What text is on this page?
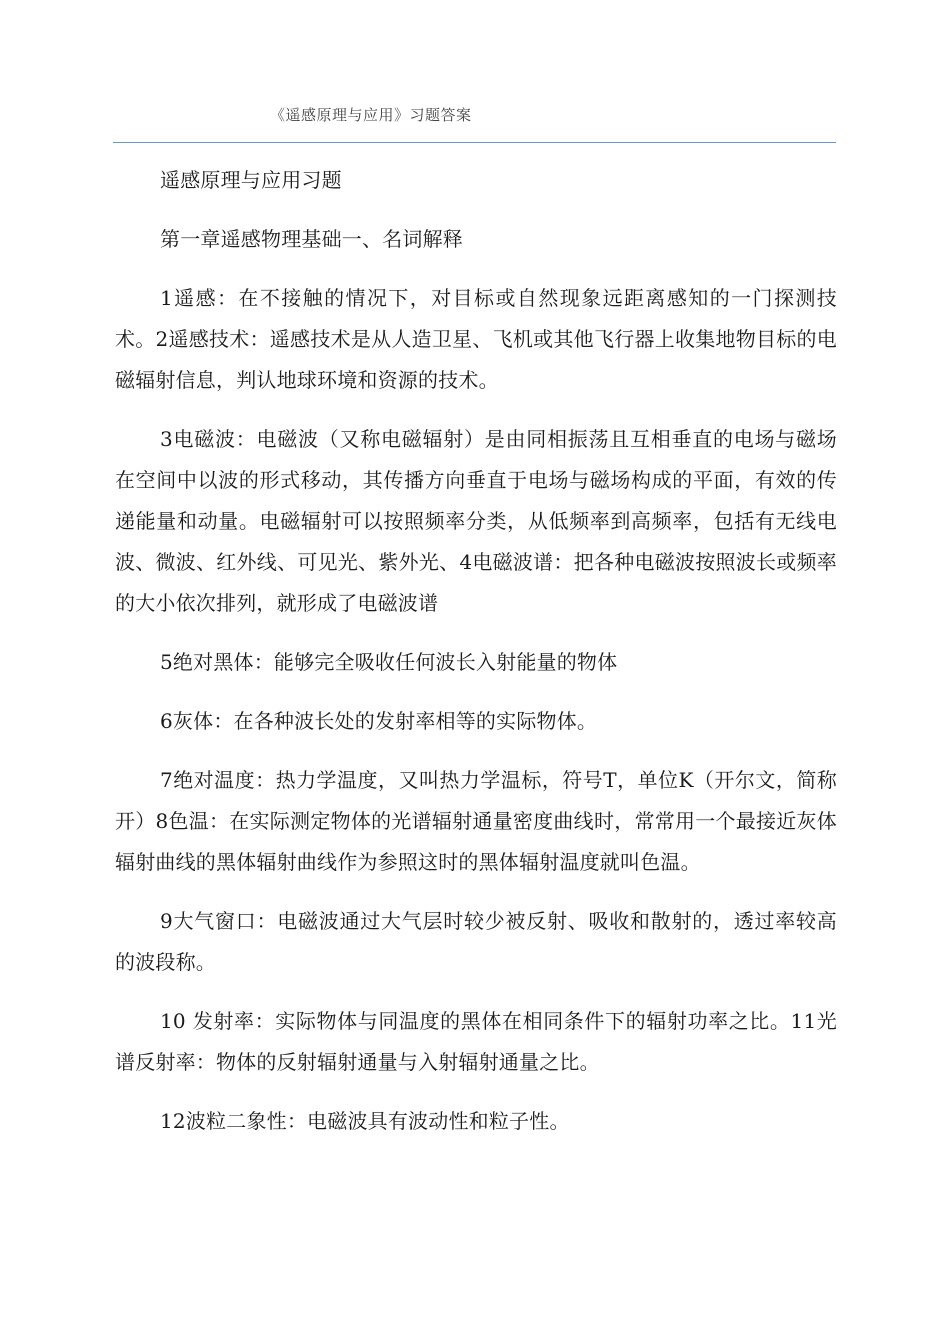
《遥感原理与应用》习题答案

遥感原理与应用习题

第一章遥感物理基础一、名词解释

1遥感：在不接触的情况下，对目标或自然现象远距离感知的一门探测技术。2遥感技术：遥感技术是从人造卫星、飞机或其他飞行器上收集地物目标的电磁辐射信息，判认地球环境和资源的技术。

3电磁波：电磁波（又称电磁辐射）是由同相振荡且互相垂直的电场与磁场在空间中以波的形式移动，其传播方向垂直于电场与磁场构成的平面，有效的传递能量和动量。电磁辐射可以按照频率分类，从低频率到高频率，包括有无线电波、微波、红外线、可见光、紫外光、4电磁波谱：把各种电磁波按照波长或频率的大小依次排列，就形成了电磁波谱

5绝对黑体：能够完全吸收任何波长入射能量的物体

6灰体：在各种波长处的发射率相等的实际物体。

7绝对温度：热力学温度，又叫热力学温标，符号T，单位K（开尔文，简称开）8色温：在实际测定物体的光谱辐射通量密度曲线时，常常用一个最接近灰体辐射曲线的黑体辐射曲线作为参照这时的黑体辐射温度就叫色温。

9大气窗口：电磁波通过大气层时较少被反射、吸收和散射的，透过率较高的波段称。

10 发射率：实际物体与同温度的黑体在相同条件下的辐射功率之比。11光谱反射率：物体的反射辐射通量与入射辐射通量之比。

12波粒二象性：电磁波具有波动性和粒子性。
